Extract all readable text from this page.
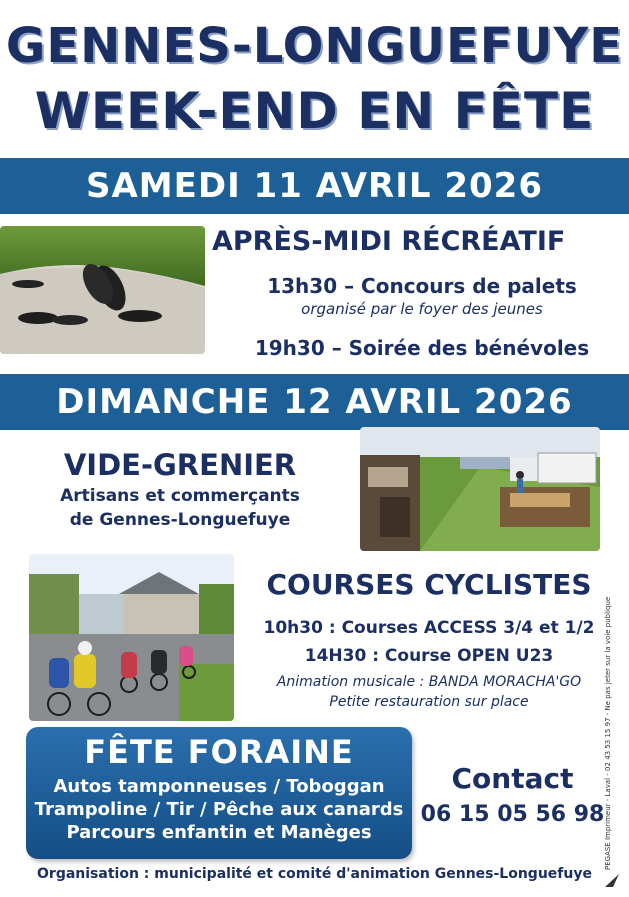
GENNES-LONGUEFUYE
WEEK-END EN FÊTE
SAMEDI 11 AVRIL 2026
APRÈS-MIDI RÉCRÉATIF
13h30 – Concours de palets
organisé par le foyer des jeunes
19h30 – Soirée des bénévoles
DIMANCHE 12 AVRIL 2026
VIDE-GRENIER
Artisans et commerçants
de Gennes-Longuefuye
COURSES CYCLISTES
10h30 : Courses ACCESS 3/4 et 1/2
14H30 : Course OPEN U23
Animation musicale : BANDA MORACHA'GO
Petite restauration sur place	PEGASE Imprimeur - Laval - 02 43 53 15 97 - Ne pas jeter sur la voie publique
FÊTE FORAINE
Autos tamponneuses / Toboggan
Trampoline / Tir / Pêche aux canards
Parcours enfantin et Manèges
Contact
06 15 05 56 98
Organisation : municipalité et comité d'animation Gennes-Longuefuye
